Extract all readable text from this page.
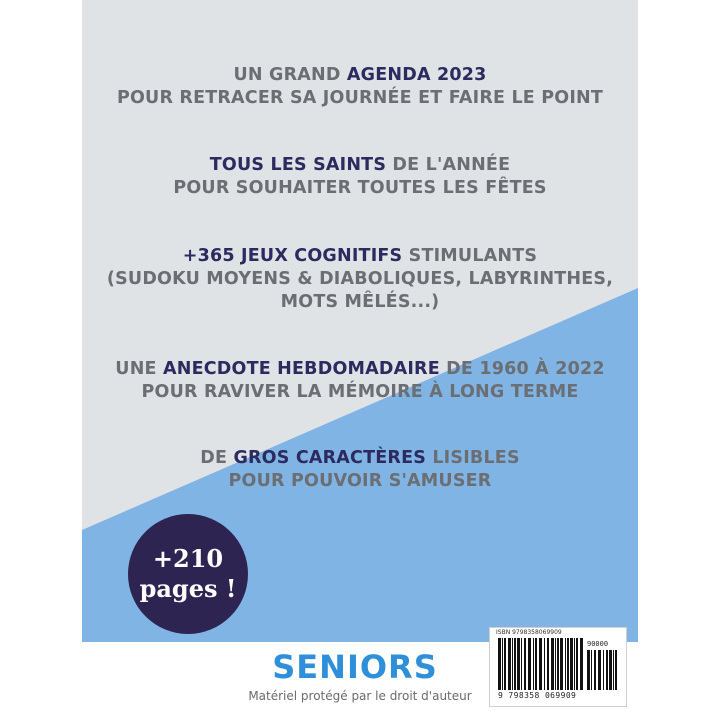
UN GRAND AGENDA 2023
POUR RETRACER SA JOURNÉE ET FAIRE LE POINT
TOUS LES SAINTS DE L'ANNÉE
POUR SOUHAITER TOUTES LES FÊTES
+365 JEUX COGNITIFS STIMULANTS
(SUDOKU MOYENS & DIABOLIQUES, LABYRINTHES,
MOTS MÊLÉS...)
UNE ANECDOTE HEBDOMADAIRE DE 1960 À 2022
POUR RAVIVER LA MÉMOIRE À LONG TERME
DE GROS CARACTÈRES LISIBLES
POUR POUVOIR S'AMUSER
+210
pages !
SENIORS
ISBN 9798358069909
90000
9 798358 069909
Matériel protégé par le droit d'auteur
